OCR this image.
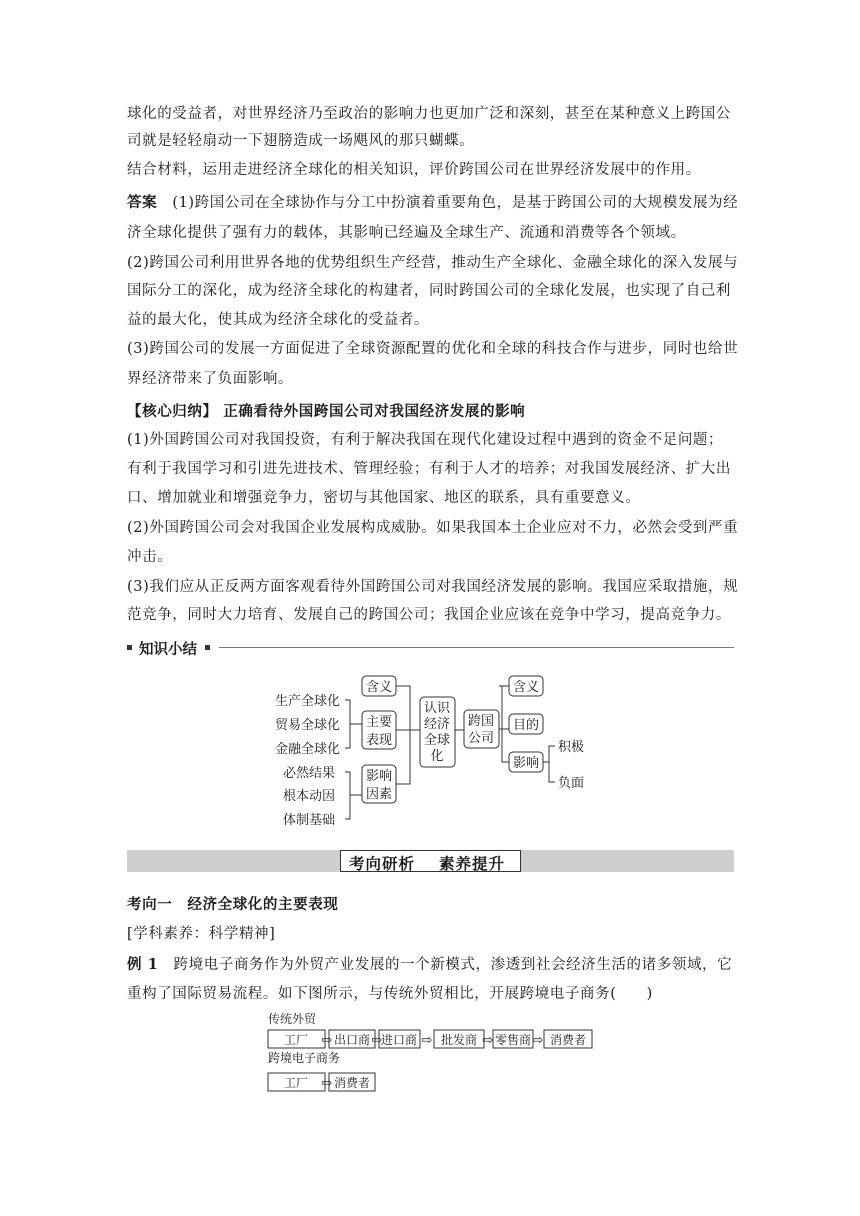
球化的受益者，对世界经济乃至政治的影响力也更加广泛和深刻，甚至在某种意义上跨国公
司就是轻轻扇动一下翅膀造成一场飓风的那只蝴蝶。
结合材料，运用走进经济全球化的相关知识，评价跨国公司在世界经济发展中的作用。
答案　 (1)跨国公司在全球协作与分工中扮演着重要角色，是基于跨国公司的大规模发展为经
济全球化提供了强有力的载体，其影响已经遍及全球生产、流通和消费等各个领域。
(2)跨国公司利用世界各地的优势组织生产经营，推动生产全球化、金融全球化的深入发展与
国际分工的深化，成为经济全球化的构建者，同时跨国公司的全球化发展，也实现了自己利
益的最大化，使其成为经济全球化的受益者。
(3)跨国公司的发展一方面促进了全球资源配置的优化和全球的科技合作与进步，同时也给世
界经济带来了负面影响。
【核心归纳】 正确看待外国跨国公司对我国经济发展的影响
(1)外国跨国公司对我国投资，有利于解决我国在现代化建设过程中遇到的资金不足问题；
有利于我国学习和引进先进技术、管理经验；有利于人才的培养；对我国发展经济、扩大出
口、增加就业和增强竞争力，密切与其他国家、地区的联系，具有重要意义。
(2)外国跨国公司会对我国企业发展构成威胁。如果我国本土企业应对不力，必然会受到严重
冲击。
(3)我们应从正反两方面客观看待外国跨国公司对我国经济发展的影响。我国应采取措施，规
范竞争，同时大力培育、发展自己的跨国公司；我国企业应该在竞争中学习，提高竞争力。
知识小结
生产全球化
贸易全球化
金融全球化
必然结果
根本动因
体制基础
含义
主要
表现
影响
因素
认识
经济
全球
化
跨国
公司
含义
目的
影响
积极
负面
考向研析 素养提升
考向一　经济全球化的主要表现
[学科素养：科学精神]
例 1　 跨境电子商务作为外贸产业发展的一个新模式，渗透到社会经济生活的诸多领域，它
重构了国际贸易流程。如下图所示，与传统外贸相比，开展跨境电子商务(　　)
传统外贸
跨境电子商务
工厂 出口商 进口商 批发商 零售商 消费者
工厂 消费者
⇨	⇨	⇨	⇨	⇨
⇨
